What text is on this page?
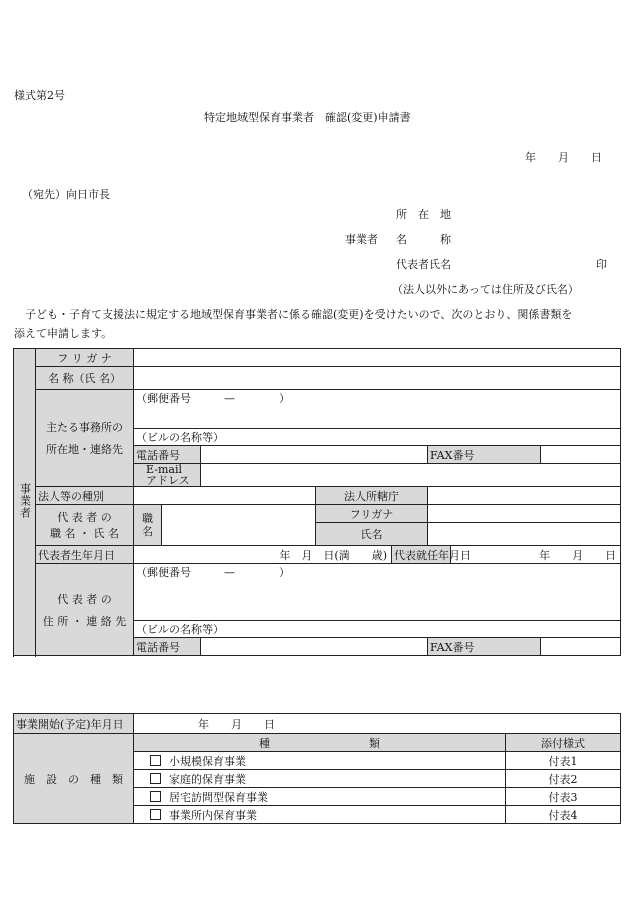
様式第2号
特定地域型保育事業者　確認(変更)申請書
年　　月　　日
（宛先）向日市長
所　在　地
事業者 名　　　称
代表者氏名	印
（法人以外にあっては住所及び氏名）
　子ども・子育て支援法に規定する地域型保育事業者に係る確認(変更)を受けたいので、次のとおり、関係書類を
添えて申請します。
事業者	フ リ ガ ナ								
	名 称（氏 名）								

	主たる事務所の
所在地・連絡先	（郵便番号　　　—　　　　）							
		（ビルの名称等）							
		電話番号					FAX番号		

		E-mail
アドレス							

	法人等の種別				法人所轄庁				

	代 表 者 の
職 名 ・ 氏 名	職名			フリガナ				
					氏名				
	代表者生年月日	年　月　日(満　　歳)				代表就任年月日		年　　月　　日	

	代 表 者 の
住 所 ・ 連 絡 先	（郵便番号　　　—　　　　）							
		（ビルの名称等）							
		電話番号					FAX番号		

事業開始(予定)年月日	年　　月　　日	
施　設　の　種　類	種　　　　　　　　　類	添付様式
	小規模保育事業	付表1
	家庭的保育事業	付表2
	居宅訪問型保育事業	付表3
	事業所内保育事業	付表4
